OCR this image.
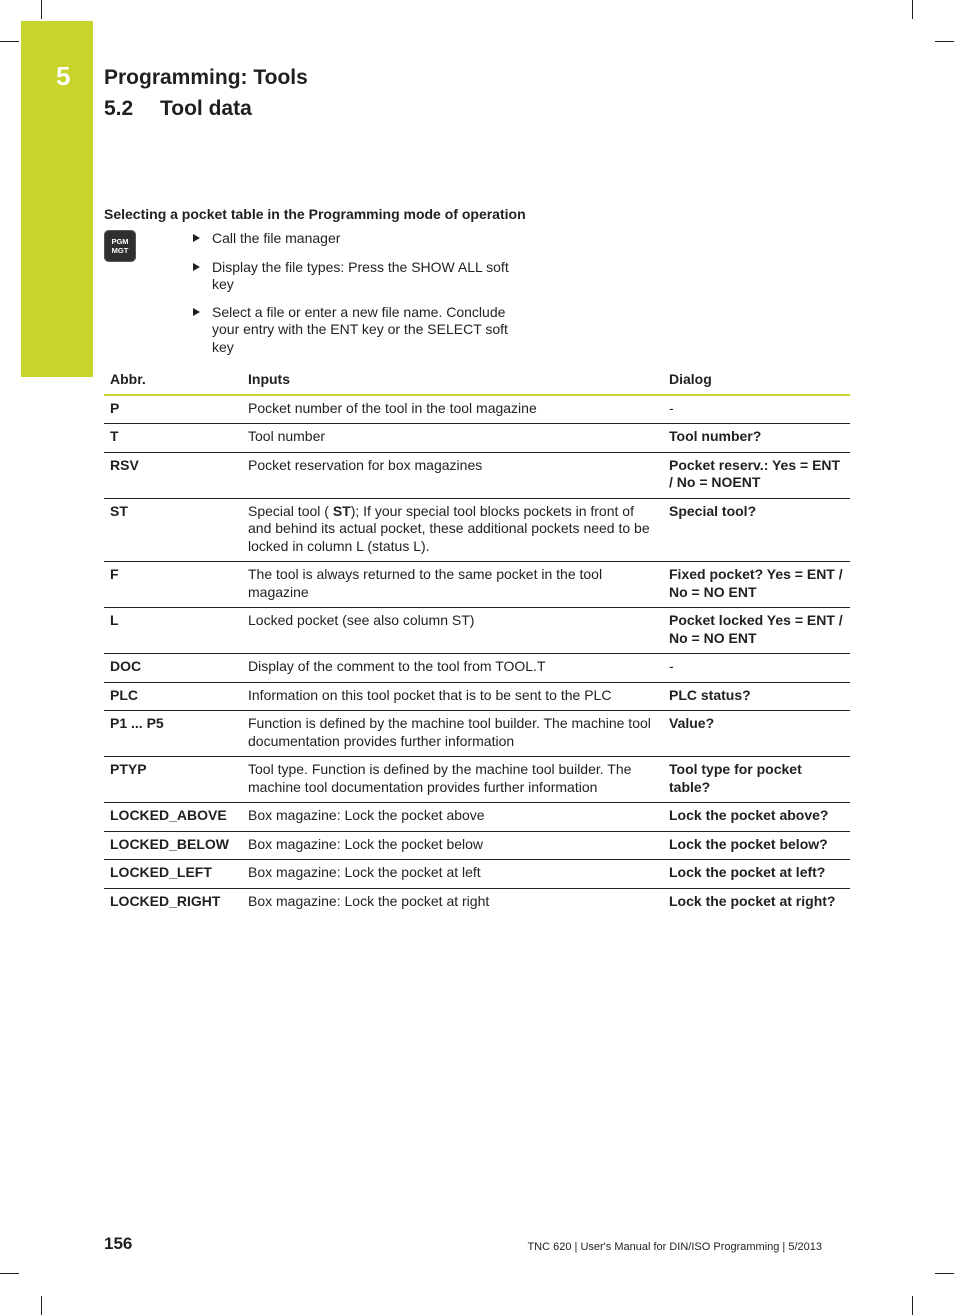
5 Programming: Tools
5.2 Tool data
Selecting a pocket table in the Programming mode of operation
PGM
MGT
Call the file manager
Display the file types: Press the SHOW ALL soft key
Select a file or enter a new file name. Conclude your entry with the ENT key or the SELECT soft key
Abbr.	Inputs	Dialog
P	Pocket number of the tool in the tool magazine	-
T	Tool number	Tool number?
RSV	Pocket reservation for box magazines	Pocket reserv.: Yes = ENT / No = NOENT
ST	Special tool ( ST); If your special tool blocks pockets in front of and behind its actual pocket, these additional pockets need to be locked in column L (status L).	Special tool?
F	The tool is always returned to the same pocket in the tool magazine	Fixed pocket? Yes = ENT / No = NO ENT
L	Locked pocket (see also column ST)	Pocket locked Yes = ENT / No = NO ENT
DOC	Display of the comment to the tool from TOOL.T	-
PLC	Information on this tool pocket that is to be sent to the PLC	PLC status?
P1 ... P5	Function is defined by the machine tool builder. The machine tool documentation provides further information	Value?
PTYP	Tool type. Function is defined by the machine tool builder. The machine tool documentation provides further information	Tool type for pocket table?
LOCKED_ABOVE	Box magazine: Lock the pocket above	Lock the pocket above?
LOCKED_BELOW	Box magazine: Lock the pocket below	Lock the pocket below?
LOCKED_LEFT	Box magazine: Lock the pocket at left	Lock the pocket at left?
LOCKED_RIGHT	Box magazine: Lock the pocket at right	Lock the pocket at right?
156	TNC 620 | User's Manual for DIN/ISO Programming | 5/2013
